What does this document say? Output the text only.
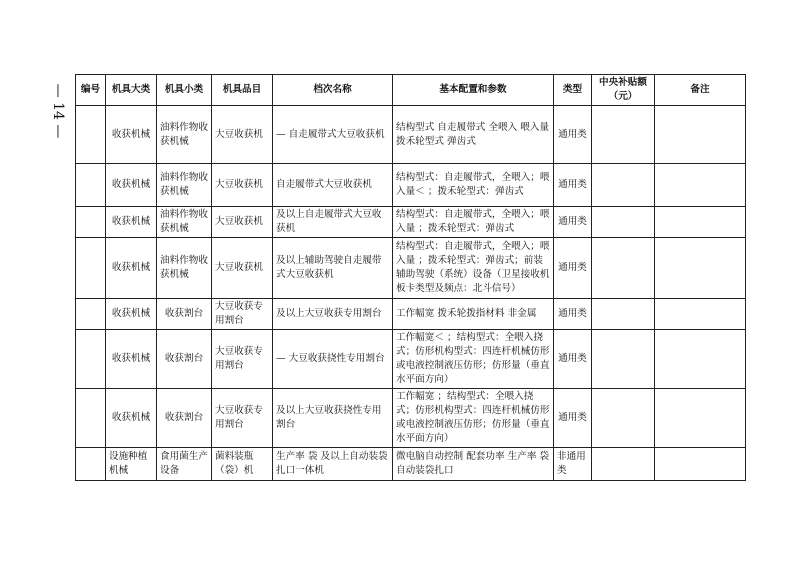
— 14 — 编号	机具大类	机具小类	机具品目	档次名称	基本配置和参数	类型	中央补贴额（元）	备注
	收获机械	油料作物收获机械	大豆收获机	— 自走履带式大豆收获机	结构型式 自走履带式 全喂入 喂入量 拨禾轮型式 弹齿式	通用类		
	收获机械	油料作物收获机械	大豆收获机	自走履带式大豆收获机	结构型式：自走履带式，全喂入；喂入量＜ ；拨禾轮型式：弹齿式	通用类		
	收获机械	油料作物收获机械	大豆收获机	及以上自走履带式大豆收获机	结构型式：自走履带式，全喂入；喂入量 ；拨禾轮型式：弹齿式	通用类		
	收获机械	油料作物收获机械	大豆收获机	及以上辅助驾驶自走履带式大豆收获机	结构型式：自走履带式，全喂入；喂入量 ；拨禾轮型式：弹齿式；前装辅助驾驶（系统）设备（卫星接收机板卡类型及频点：北斗信号）	通用类		
	收获机械	收获割台	大豆收获专用割台	及以上大豆收获专用割台	工作幅宽 拨禾轮拨指材料 非金属	通用类		
	收获机械	收获割台	大豆收获专用割台	— 大豆收获挠性专用割台	工作幅宽＜ ；结构型式：全喂入挠式；仿形机构型式：四连杆机械仿形或电液控制液压仿形；仿形量（垂直水平面方向）	通用类		
	收获机械	收获割台	大豆收获专用割台	及以上大豆收获挠性专用割台	工作幅宽 ；结构型式：全喂入挠式；仿形机构型式：四连杆机械仿形或电液控制液压仿形；仿形量（垂直水平面方向）	通用类		
	设施种植机械	食用菌生产设备	菌料装瓶（袋）机	生产率 袋 及以上自动装袋扎口一体机	微电脑自动控制 配套功率 生产率 袋 自动装袋扎口	非通用类		
